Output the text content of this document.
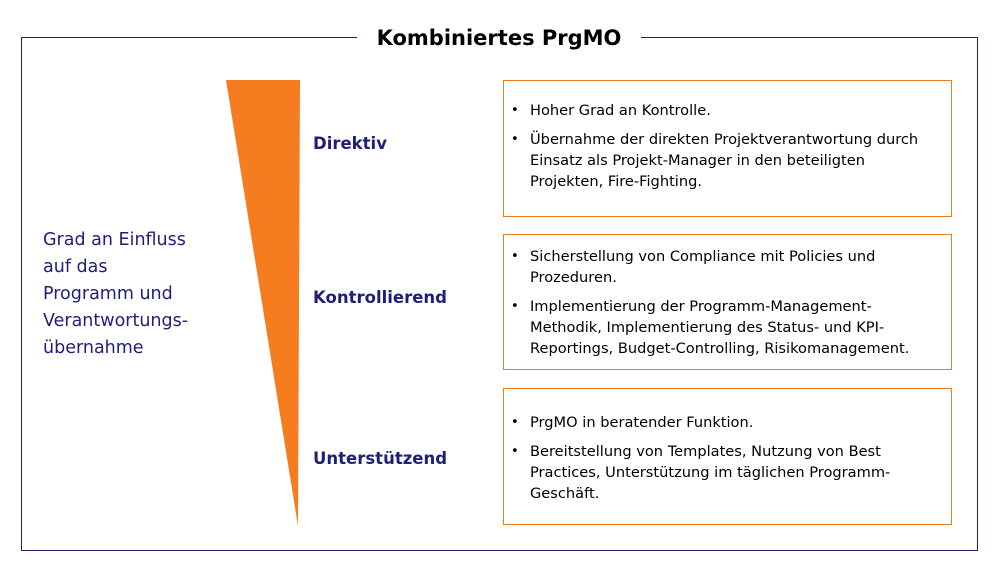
Kombiniertes PrgMO
Grad an Einfluss
auf das
Programm und
Verantwortungs-
übernahme
Direktiv
Kontrollierend
Unterstützend
• Hoher Grad an Kontrolle.
• Übernahme der direkten Projektverantwortung durch Einsatz als Projekt-Manager in den beteiligten Projekten, Fire-Fighting.
• Sicherstellung von Compliance mit Policies und Prozeduren.
• Implementierung der Programm-Management-Methodik, Implementierung des Status- und KPI-Reportings, Budget-Controlling, Risikomanagement.
• PrgMO in beratender Funktion.
• Bereitstellung von Templates, Nutzung von Best Practices, Unterstützung im täglichen Programm-Geschäft.
